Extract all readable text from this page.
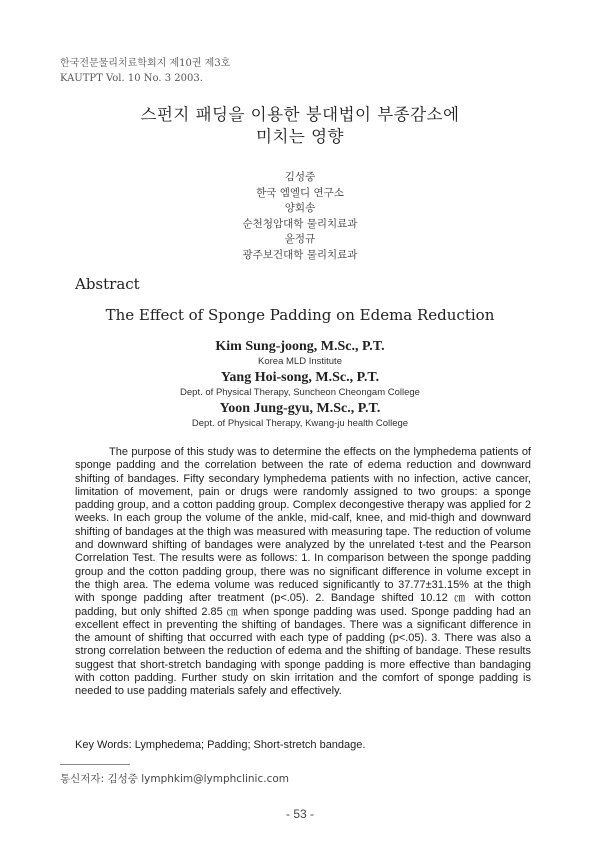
한국전문물리치료학회지 제10권 제3호
KAUTPT Vol. 10 No. 3 2003.
스펀지 패딩을 이용한 붕대법이 부종감소에
미치는 영향
김성중
한국 엠엘디 연구소
양회송
순천청암대학 물리치료과
윤정규
광주보건대학 물리치료과
Abstract
The Effect of Sponge Padding on Edema Reduction
Kim Sung-joong, M.Sc., P.T.
Korea MLD Institute
Yang Hoi-song, M.Sc., P.T.
Dept. of Physical Therapy, Suncheon Cheongam College
Yoon Jung-gyu, M.Sc., P.T.
Dept. of Physical Therapy, Kwang-ju health College

The purpose of this study was to determine the effects on the lymphedema patients of sponge padding and the correlation between the rate of edema reduction and downward shifting of bandages. Fifty secondary lymphedema patients with no infection, active cancer, limitation of movement, pain or drugs were randomly assigned to two groups: a sponge padding group, and a cotton padding group. Complex decongestive therapy was applied for 2 weeks. In each group the volume of the ankle, mid-calf, knee, and mid-thigh and downward shifting of bandages at the thigh was measured with measuring tape. The reduction of volume and downward shifting of bandages were analyzed by the unrelated t-test and the Pearson Correlation Test. The results were as follows: 1. In comparison between the sponge padding group and the cotton padding group, there was no significant difference in volume except in the thigh area. The edema volume was reduced significantly to 37.77±31.15% at the thigh with sponge padding after treatment (p<.05). 2. Bandage shifted 10.12 ㎝ with cotton padding, but only shifted 2.85 ㎝ when sponge padding was used. Sponge padding had an excellent effect in preventing the shifting of bandages. There was a significant difference in the amount of shifting that occurred with each type of padding (p<.05). 3. There was also a strong correlation between the reduction of edema and the shifting of bandage. These results suggest that short-stretch bandaging with sponge padding is more effective than bandaging with cotton padding. Further study on skin irritation and the comfort of sponge padding is needed to use padding materials safely and effectively.

Key Words: Lymphedema; Padding; Short-stretch bandage.
통신저자: 김성중 lymphkim@lymphclinic.com
- 53 -
